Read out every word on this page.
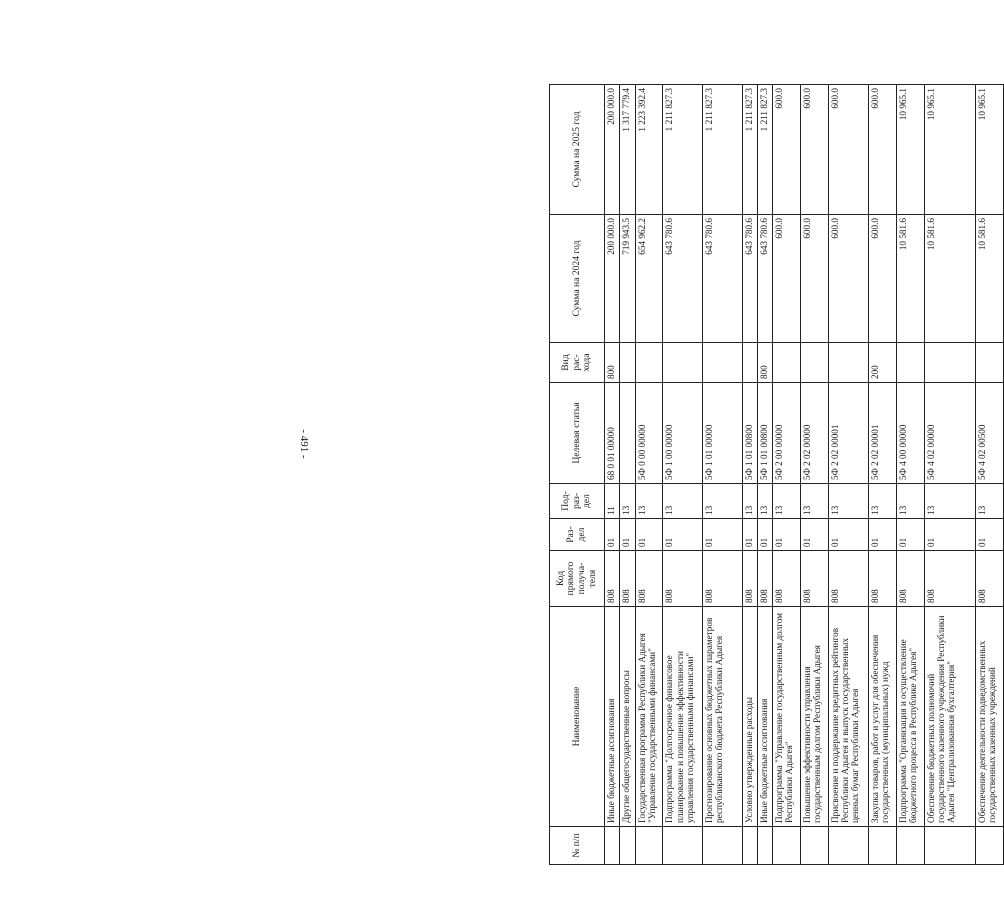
- 491 -
№ п/п	Наименование	Код прямого получа-теля	Раз-дел	Под-раз-дел	Целевая статья	Вид рас-хода	Сумма на 2024 год	Сумма на 2025 год
	Иные бюджетные ассигнования	808	01	11	68 0 01 00000	800	200 000.0	200 000.0
	Другие общегосударственные вопросы	808	01	13			719 943.5	1 317 779.4
	Государственная программа Республики Адыгея "Управление государственными финансами"	808	01	13	5Ф 0 00 00000		654 962.2	1 223 392.4
	Подпрограмма "Долгосрочное финансовое планирование и повышение эффективности управления государственными финансами"	808	01	13	5Ф 1 00 00000		643 780.6	1 211 827.3
	Прогнозирование основных бюджетных параметров республиканского бюджета Республики Адыгея	808	01	13	5Ф 1 01 00000		643 780.6	1 211 827.3
	Условно утвержденные расходы	808	01	13	5Ф 1 01 00800		643 780.6	1 211 827.3
	Иные бюджетные ассигнования	808	01	13	5Ф 1 01 00800	800	643 780.6	1 211 827.3
	Подпрограмма "Управление государственным долгом Республики Адыгея"	808	01	13	5Ф 2 00 00000		600.0	600.0
	Повышение эффективности управления государственным долгом Республики Адыгея	808	01	13	5Ф 2 02 00000		600.0	600.0
	Присвоение и поддержание кредитных рейтингов Республики Адыгея и выпуск государственных ценных бумаг Республики Адыгея	808	01	13	5Ф 2 02 00001		600.0	600.0
	Закупка товаров, работ и услуг для обеспечения государственных (муниципальных) нужд	808	01	13	5Ф 2 02 00001	200	600.0	600.0
	Подпрограмма "Организация и осуществление бюджетного процесса в Республике Адыгея"	808	01	13	5Ф 4 00 00000		10 581.6	10 965.1
	Обеспечение бюджетных полномочий государственного казенного учреждения Республики Адыгея "Централизованная бухгалтерия"	808	01	13	5Ф 4 02 00000		10 581.6	10 965.1
	Обеспечение деятельности подведомственных государственных казенных учреждений	808	01	13	5Ф 4 02 00500		10 581.6	10 965.1
